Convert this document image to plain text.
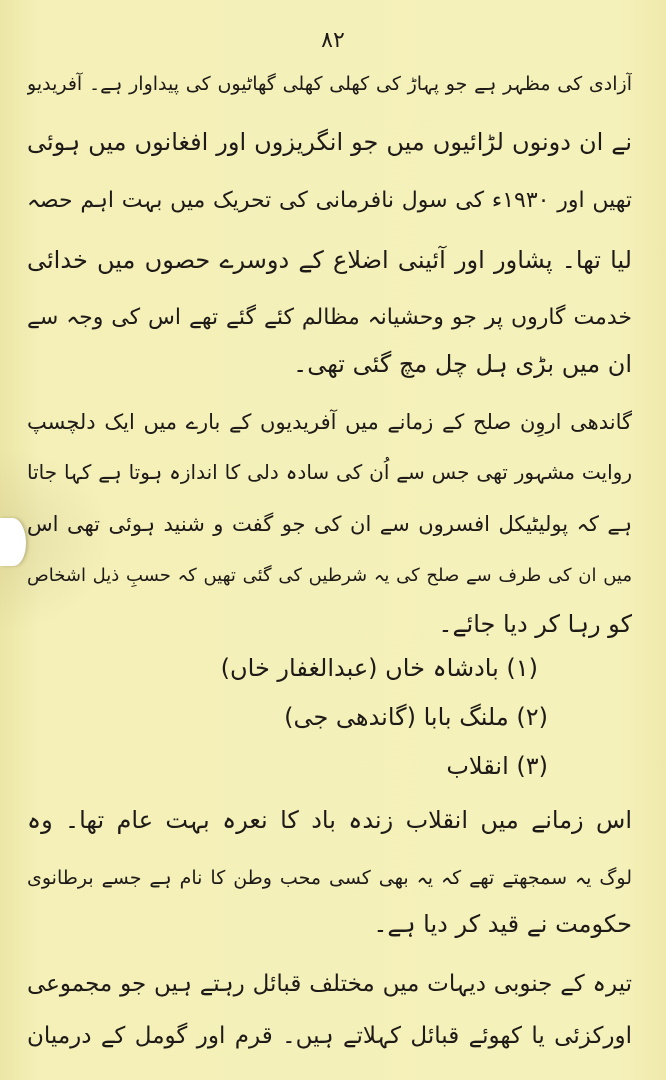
۸۲
آزادی کی مظہر ہے جو پہاڑ کی کھلی کھلی گھاٹیوں کی پیداوار ہے۔ آفریدیو
نے ان دونوں لڑائیوں میں جو انگریزوں اور افغانوں میں ہوئی
تھیں اور ۱۹۳۰ء کی سول نافرمانی کی تحریک میں بہت اہم حصہ
لیا تھا۔ پشاور اور آئینی اضلاع کے دوسرے حصوں میں خدائی
خدمت گاروں پر جو وحشیانہ مظالم کئے گئے تھے اس کی وجہ سے
ان میں بڑی ہل چل مچ گئی تھی۔
گاندھی اروِن صلح کے زمانے میں آفریدیوں کے بارے میں ایک دلچسپ
روایت مشہور تھی جس سے اُن کی سادہ دلی کا اندازہ ہوتا ہے کہا جاتا
ہے کہ پولیٹیکل افسروں سے ان کی جو گفت و شنید ہوئی تھی اس
میں ان کی طرف سے صلح کی یہ شرطیں کی گئی تھیں کہ حسبِ ذیل اشخاص
کو رہا کر دیا جائے۔
(۱) بادشاہ خاں (عبدالغفار خاں)
(۲) ملنگ بابا (گاندھی جی)
(۳) انقلاب
اس زمانے میں انقلاب زندہ باد کا نعرہ بہت عام تھا۔ وہ
لوگ یہ سمجھتے تھے کہ یہ بھی کسی محب وطن کا نام ہے جسے برطانوی
حکومت نے قید کر دیا ہے۔
تیرہ کے جنوبی دیہات میں مختلف قبائل رہتے ہیں جو مجموعی
اورکزئی یا کھوئے قبائل کہلاتے ہیں۔ قرم اور گومل کے درمیان
